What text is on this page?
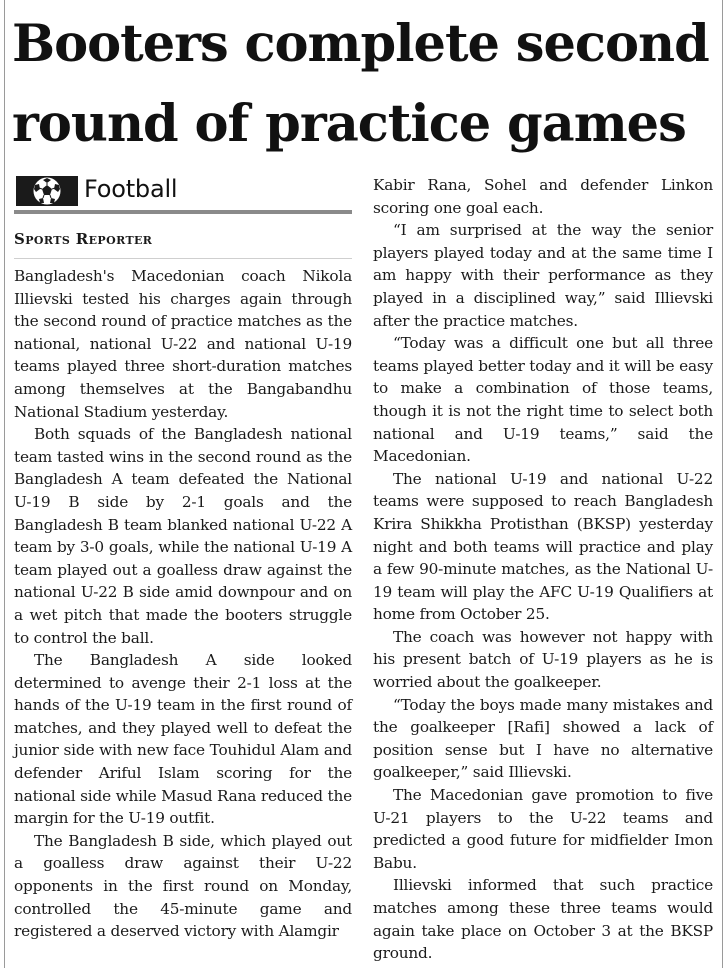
Booters complete second round of practice games
Football
Sports Reporter

Bangladesh's Macedonian coach Nikola Illievski tested his charges again through the second round of practice matches as the national, national U-22 and national U-19 teams played three short-duration matches among themselves at the Bangabandhu National Stadium yesterday.

Both squads of the Bangladesh national team tasted wins in the second round as the Bangladesh A team defeated the National U-19 B side by 2-1 goals and the Bangladesh B team blanked national U-22 A team by 3-0 goals, while the national U-19 A team played out a goalless draw against the national U-22 B side amid downpour and on a wet pitch that made the booters struggle to control the ball.

The Bangladesh A side looked determined to avenge their 2-1 loss at the hands of the U-19 team in the first round of matches, and they played well to defeat the junior side with new face Touhidul Alam and defender Ariful Islam scoring for the national side while Masud Rana reduced the margin for the U-19 outfit.

The Bangladesh B side, which played out a goalless draw against their U-22 opponents in the first round on Monday, controlled the 45-minute game and registered a deserved victory with Alamgir

Kabir Rana, Sohel and defender Linkon scoring one goal each.

“I am surprised at the way the senior players played today and at the same time I am happy with their performance as they played in a disciplined way,” said Illievski after the practice matches.

“Today was a difficult one but all three teams played better today and it will be easy to make a combination of those teams, though it is not the right time to select both national and U-19 teams,” said the Macedonian.

The national U-19 and national U-22 teams were supposed to reach Bangladesh Krira Shikkha Protisthan (BKSP) yesterday night and both teams will practice and play a few 90-minute matches, as the National U-19 team will play the AFC U-19 Qualifiers at home from October 25.

The coach was however not happy with his present batch of U-19 players as he is worried about the goalkeeper.

“Today the boys made many mistakes and the goalkeeper [Rafi] showed a lack of position sense but I have no alternative goalkeeper,” said Illievski.

The Macedonian gave promotion to five U-21 players to the U-22 teams and predicted a good future for midfielder Imon Babu.

Illievski informed that such practice matches among these three teams would again take place on October 3 at the BKSP ground.
